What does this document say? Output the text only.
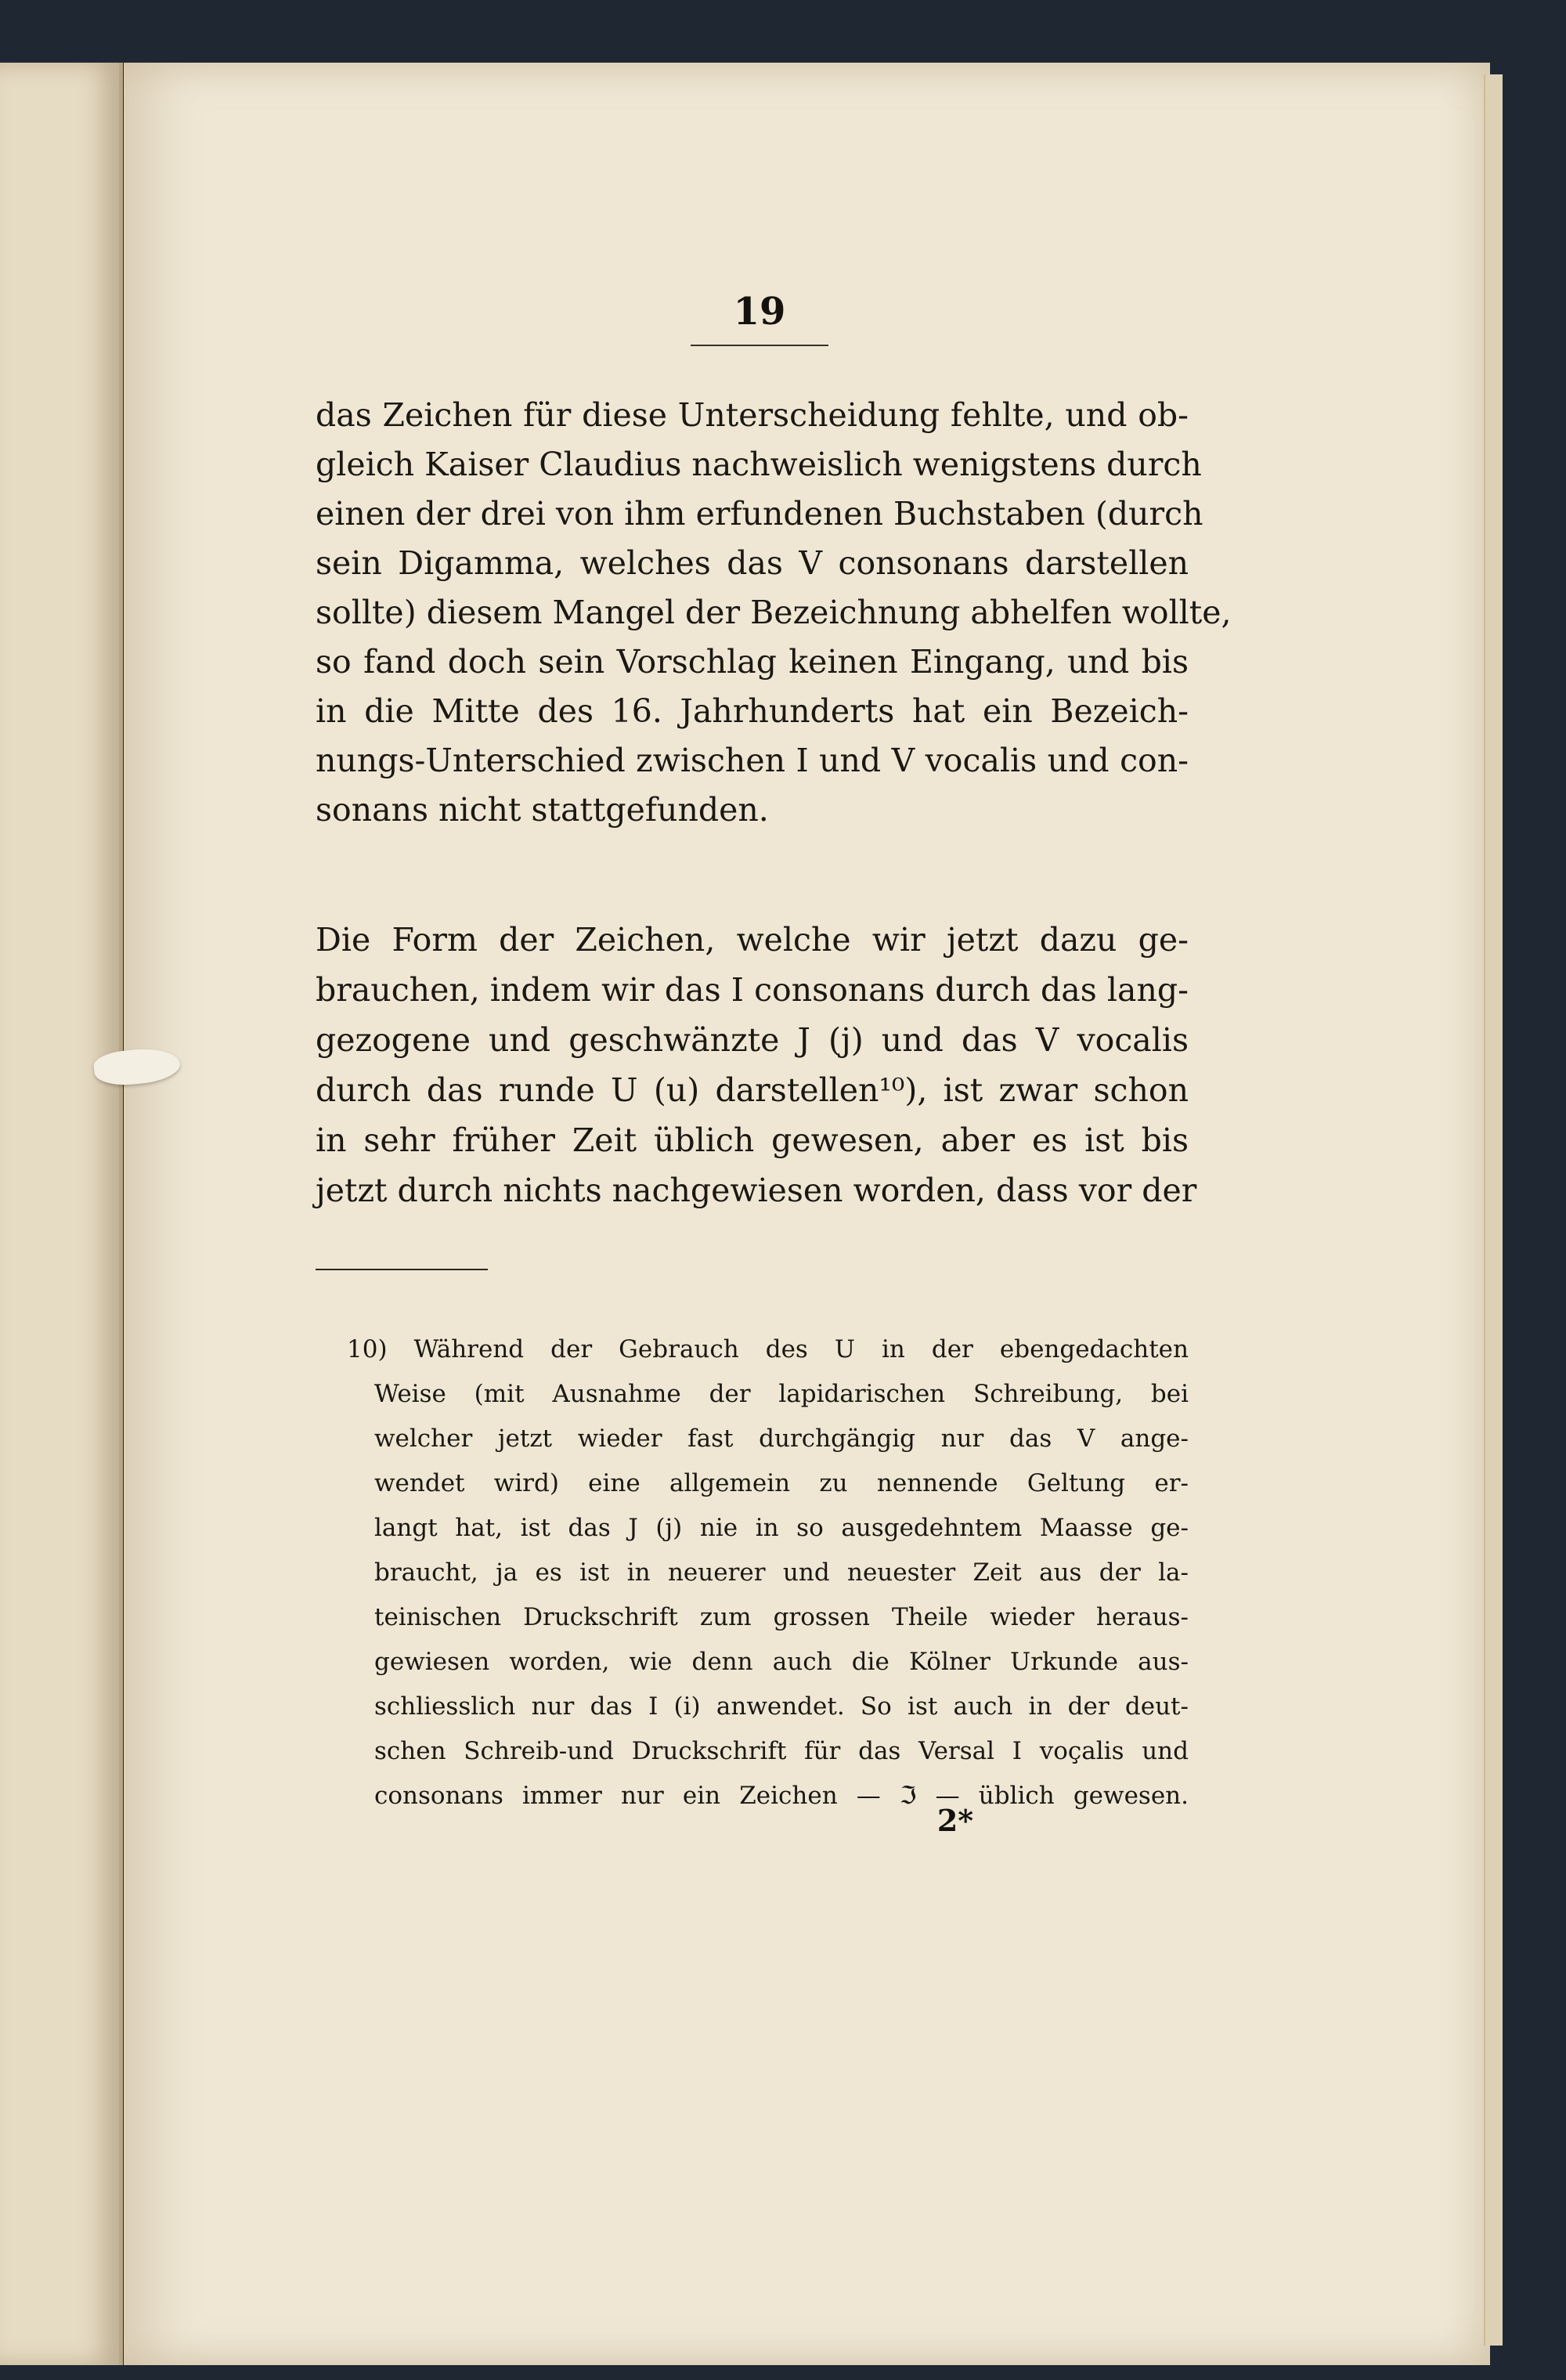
19
das Zeichen für diese Unterscheidung fehlte, und ob-
gleich Kaiser Claudius nachweislich wenigstens durch
einen der drei von ihm erfundenen Buchstaben (durch
sein Digamma, welches das V consonans darstellen
sollte) diesem Mangel der Bezeichnung abhelfen wollte,
so fand doch sein Vorschlag keinen Eingang, und bis
in die Mitte des 16. Jahrhunderts hat ein Bezeich-
nungs-Unterschied zwischen I und V vocalis und con-
sonans nicht stattgefunden.
Die Form der Zeichen, welche wir jetzt dazu ge-
brauchen, indem wir das I consonans durch das lang-
gezogene und geschwänzte J (j) und das V vocalis
durch das runde U (u) darstellen¹⁰), ist zwar schon
in sehr früher Zeit üblich gewesen, aber es ist bis
jetzt durch nichts nachgewiesen worden, dass vor der
10) Während der Gebrauch des U in der ebengedachten
Weise (mit Ausnahme der lapidarischen Schreibung, bei
welcher jetzt wieder fast durchgängig nur das V ange-
wendet wird) eine allgemein zu nennende Geltung er-
langt hat, ist das J (j) nie in so ausgedehntem Maasse ge-
braucht, ja es ist in neuerer und neuester Zeit aus der la-
teinischen Druckschrift zum grossen Theile wieder heraus-
gewiesen worden, wie denn auch die Kölner Urkunde aus-
schliesslich nur das I (i) anwendet. So ist auch in der deut-
schen Schreib-und Druckschrift für das Versal I voçalis und
consonans immer nur ein Zeichen — ℑ — üblich gewesen.
2*
